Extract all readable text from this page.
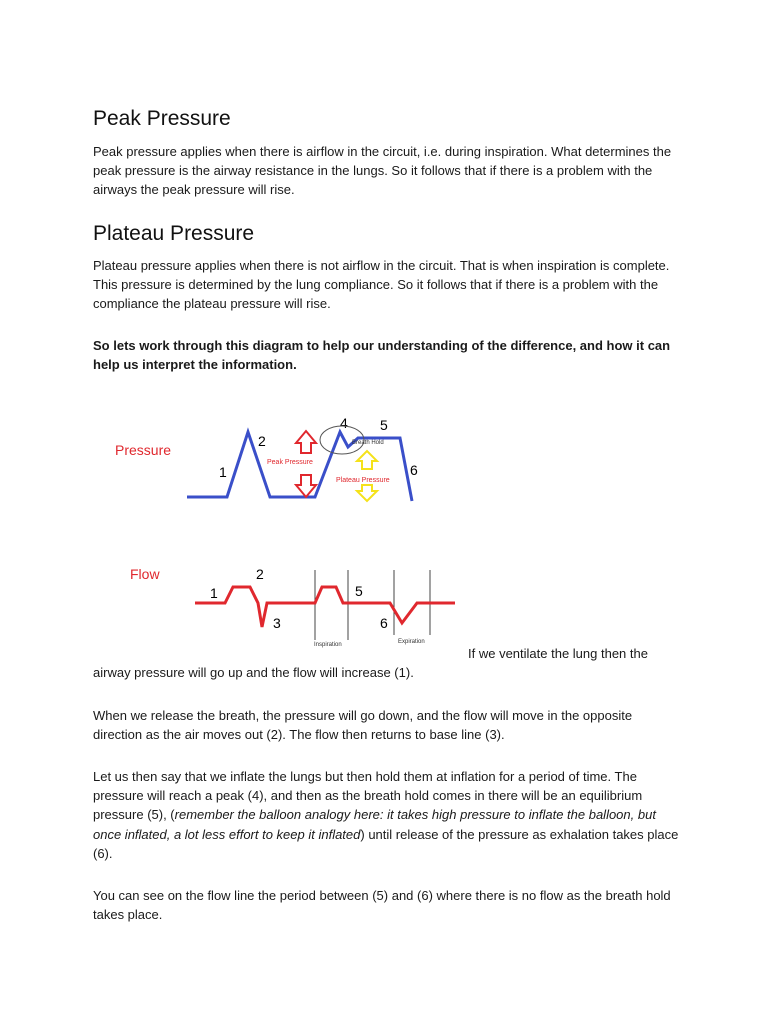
Peak Pressure

Peak pressure applies when there is airflow in the circuit, i.e. during inspiration. What determines the peak pressure is the airway resistance in the lungs. So it follows that if there is a problem with the airways the peak pressure will rise.

Plateau Pressure

Plateau pressure applies when there is not airflow in the circuit. That is when inspiration is complete. This pressure is determined by the lung compliance. So it follows that if there is a problem with the compliance the plateau pressure will rise.

So lets work through this diagram to help our understanding of the difference, and how it can help us interpret the information.

Pressure
1
2
4 5
6
Breath Hold
Peak Pressure
Plateau Pressure
Flow
1
2
3
5
6
Inspiration	Expiration
If we ventilate the lung then the

airway pressure will go up and the flow will increase (1).

When we release the breath, the pressure will go down, and the flow will move in the opposite direction as the air moves out (2). The flow then returns to base line (3).

Let us then say that we inflate the lungs but then hold them at inflation for a period of time. The pressure will reach a peak (4), and then as the breath hold comes in there will be an equilibrium pressure (5), (remember the balloon analogy here: it takes high pressure to inflate the balloon, but once inflated, a lot less effort to keep it inflated) until release of the pressure as exhalation takes place (6).

You can see on the flow line the period between (5) and (6) where there is no flow as the breath hold takes place.
